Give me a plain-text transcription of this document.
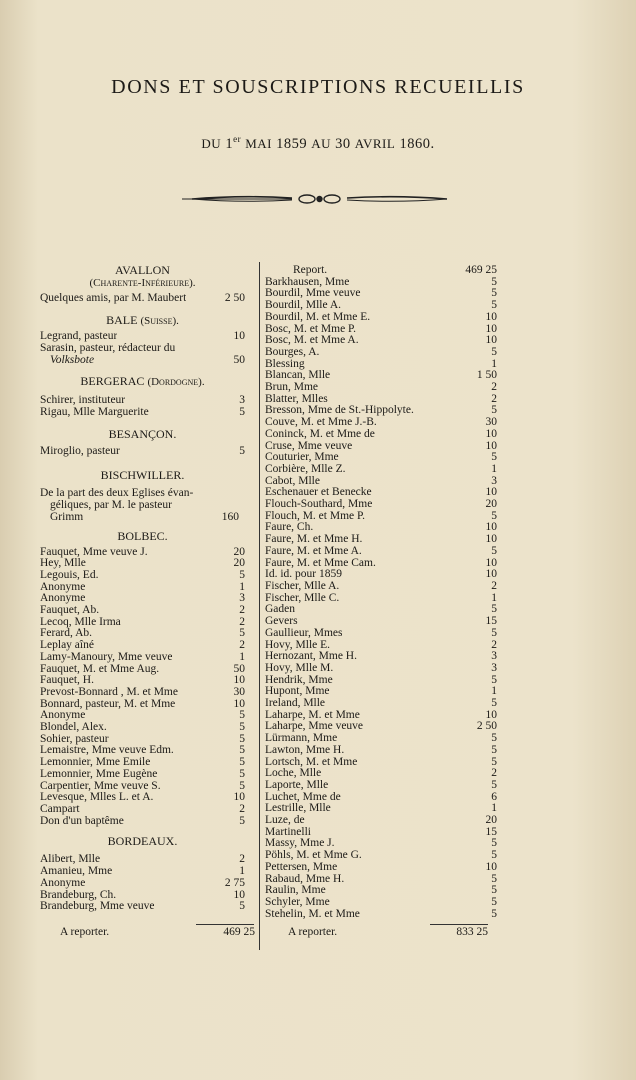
DONS ET SOUSCRIPTIONS RECUEILLIS
DU 1er MAI 1859 AU 30 AVRIL 1860.
AVALLON
(Charente-Inférieure).
Quelques amis, par M. Maubert	2 50
BALE (Suisse).
Legrand, pasteur	10
Sarasin, pasteur, rédacteur du
Volksbote	50
BERGERAC (Dordogne).
Schirer, instituteur	3
Rigau, Mlle Marguerite	5
BESANÇON.
Miroglio, pasteur	5
BISCHWILLER.
De la part des deux Eglises évan-
géliques, par M. le pasteur
Grimm	160
BOLBEC.
Fauquet, Mme veuve J.	20
Hey, Mlle	20
Legouis, Ed.	5
Anonyme	1
Anonyme	3
Fauquet, Ab.	2
Lecoq, Mlle Irma	2
Ferard, Ab.	5
Leplay aîné	2
Lamy-Manoury, Mme veuve	1
Fauquet, M. et Mme Aug.	50
Fauquet, H.	10
Prevost-Bonnard , M. et Mme	30
Bonnard, pasteur, M. et Mme	10
Anonyme	5
Blondel, Alex.	5
Sohier, pasteur	5
Lemaistre, Mme veuve Edm.	5
Lemonnier, Mme Emile	5
Lemonnier, Mme Eugène	5
Carpentier, Mme veuve S.	5
Levesque, Mlles L. et A.	10
Campart	2
Don d'un baptême	5
BORDEAUX.
Alibert, Mlle	2
Amanieu, Mme	1
Anonyme	2 75
Brandeburg, Ch.	10
Brandeburg, Mme veuve	5
Report.	469 25
Barkhausen, Mme	5
Bourdil, Mme veuve	5
Bourdil, Mlle A.	5
Bourdil, M. et Mme E.	10
Bosc, M. et Mme P.	10
Bosc, M. et Mme A.	10
Bourges, A.	5
Blessing	1
Blancan, Mlle	1 50
Brun, Mme	2
Blatter, Mlles	2
Bresson, Mme de St.-Hippolyte.	5
Couve, M. et Mme J.-B.	30
Coninck, M. et Mme de	10
Cruse, Mme veuve	10
Couturier, Mme	5
Corbière, Mlle Z.	1
Cabot, Mlle	3
Eschenauer et Benecke	10
Flouch-Southard, Mme	20
Flouch, M. et Mme P.	5
Faure, Ch.	10
Faure, M. et Mme H.	10
Faure, M. et Mme A.	5
Faure, M. et Mme Cam.	10
Id. id. pour 1859	10
Fischer, Mlle A.	2
Fischer, Mlle C.	1
Gaden	5
Gevers	15
Gaullieur, Mmes	5
Hovy, Mlle E.	2
Hernozant, Mme H.	3
Hovy, Mlle M.	3
Hendrik, Mme	5
Hupont, Mme	1
Ireland, Mlle	5
Laharpe, M. et Mme	10
Laharpe, Mme veuve	2 50
Lürmann, Mme	5
Lawton, Mme H.	5
Lortsch, M. et Mme	5
Loche, Mlle	2
Laporte, Mlle	5
Luchet, Mme de	6
Lestrille, Mlle	1
Luze, de	20
Martinelli	15
Massy, Mme J.	5
Pöhls, M. et Mme G.	5
Pettersen, Mme	10
Rabaud, Mme H.	5
Raulin, Mme	5
Schyler, Mme	5
Stehelin, M. et Mme	5
A reporter.	469 25	A reporter.	833 25
